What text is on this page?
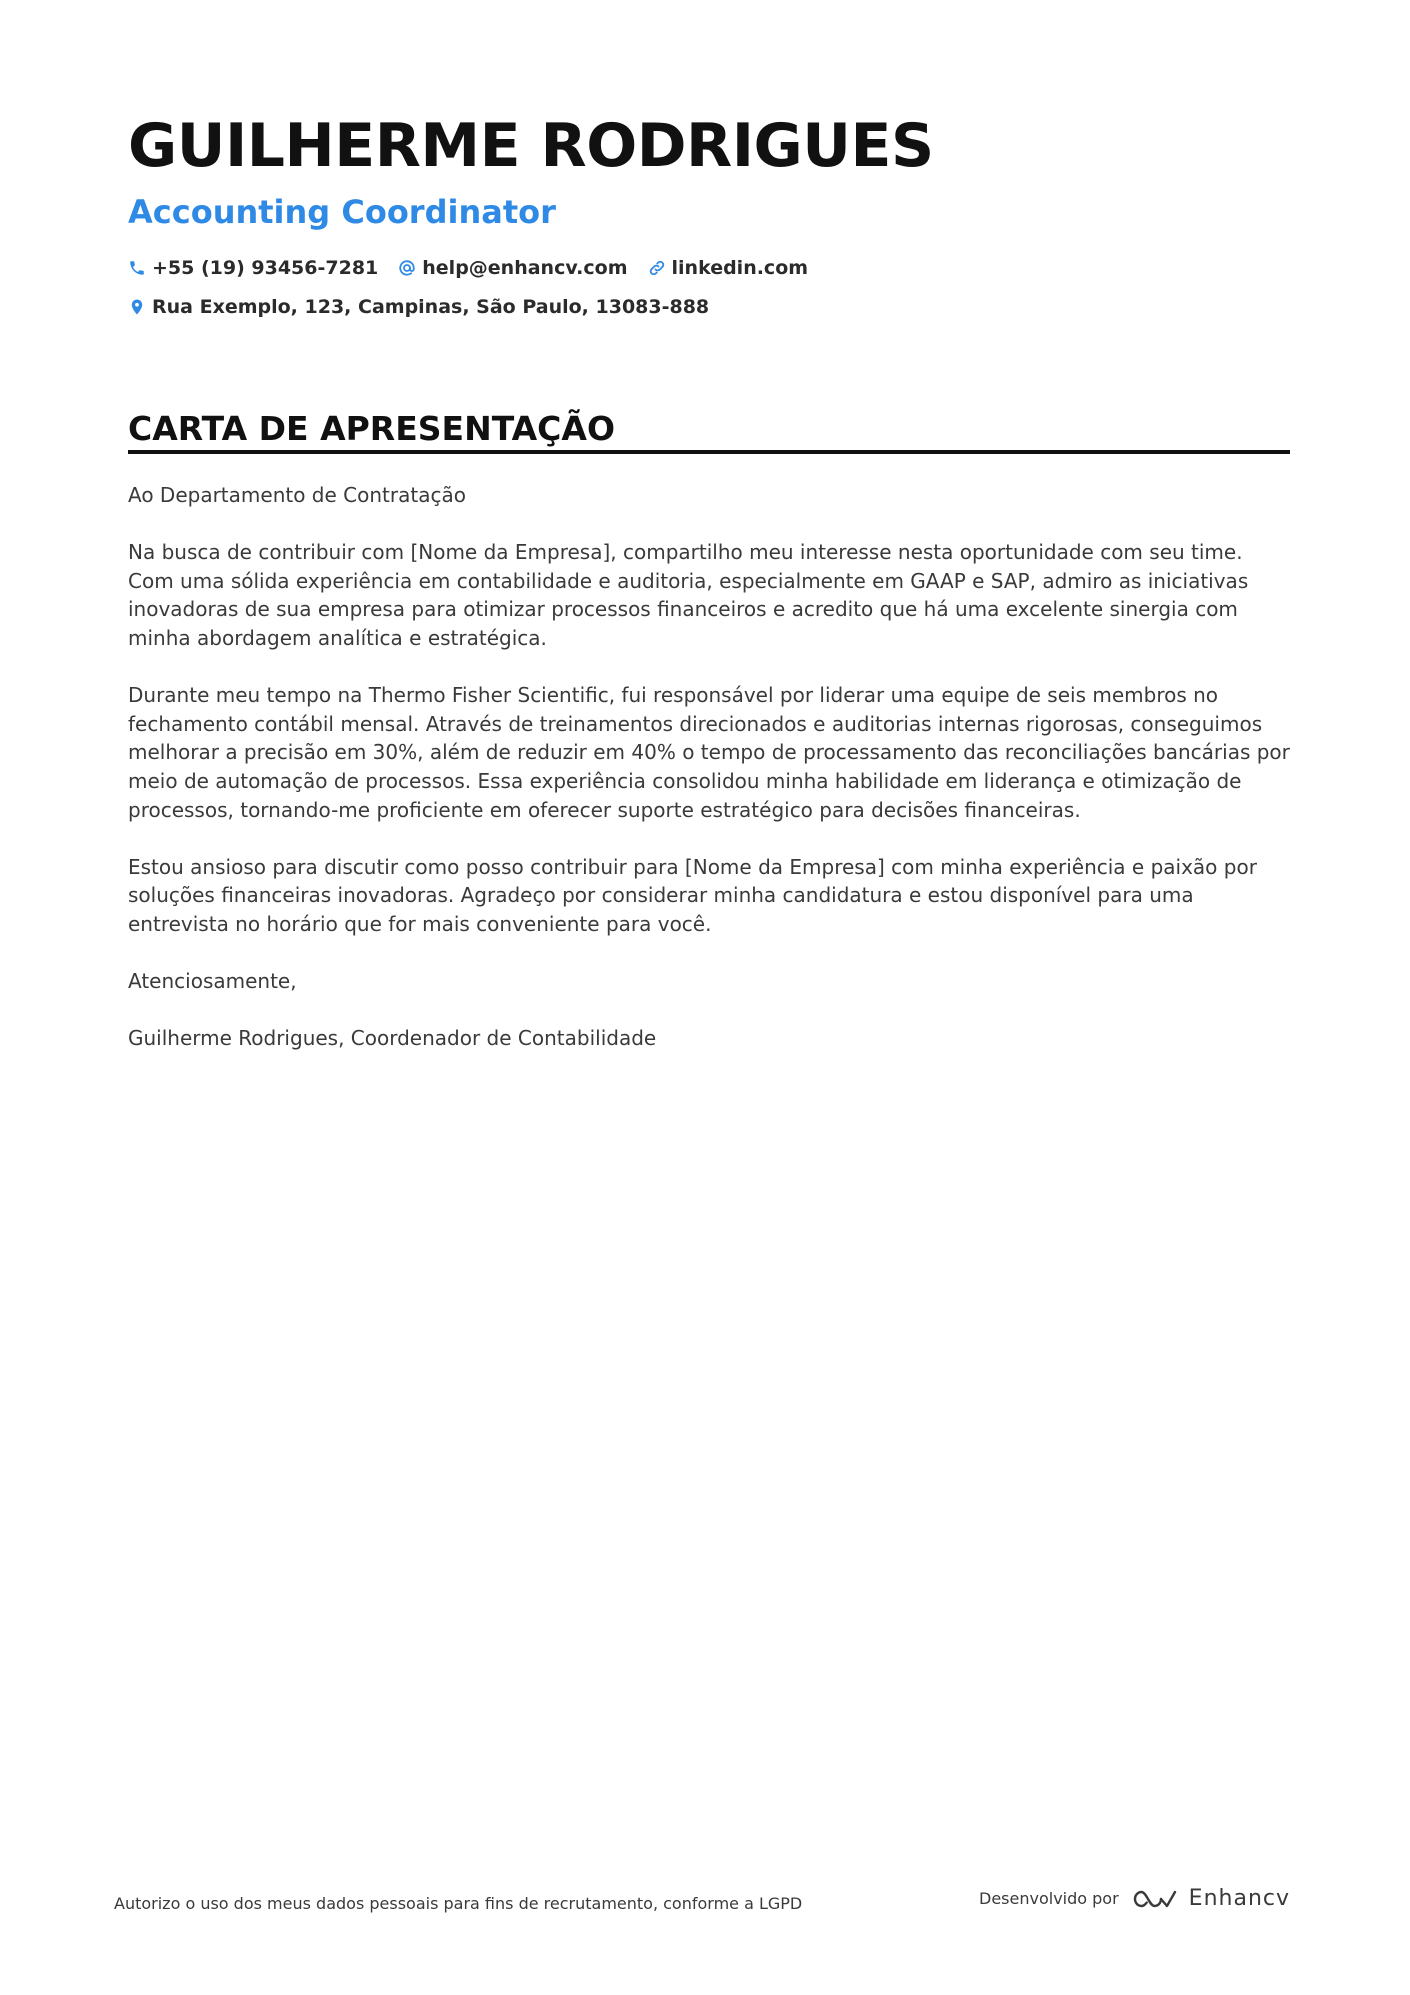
GUILHERME RODRIGUES
Accounting Coordinator
+55 (19) 93456-7281 help@enhancv.com linkedin.com
Rua Exemplo, 123, Campinas, São Paulo, 13083-888
CARTA DE APRESENTAÇÃO

Ao Departamento de Contratação

Na busca de contribuir com [Nome da Empresa], compartilho meu interesse nesta oportunidade com seu time. Com uma sólida experiência em contabilidade e auditoria, especialmente em GAAP e SAP, admiro as iniciativas inovadoras de sua empresa para otimizar processos financeiros e acredito que há uma excelente sinergia com minha abordagem analítica e estratégica.

Durante meu tempo na Thermo Fisher Scientific, fui responsável por liderar uma equipe de seis membros no fechamento contábil mensal. Através de treinamentos direcionados e auditorias internas rigorosas, conseguimos melhorar a precisão em 30%, além de reduzir em 40% o tempo de processamento das reconciliações bancárias por meio de automação de processos. Essa experiência consolidou minha habilidade em liderança e otimização de processos, tornando-me proficiente em oferecer suporte estratégico para decisões financeiras.

Estou ansioso para discutir como posso contribuir para [Nome da Empresa] com minha experiência e paixão por soluções financeiras inovadoras. Agradeço por considerar minha candidatura e estou disponível para uma entrevista no horário que for mais conveniente para você.

Atenciosamente,

Guilherme Rodrigues, Coordenador de Contabilidade

Autorizo o uso dos meus dados pessoais para fins de recrutamento, conforme a LGPD	Desenvolvido por	Enhancv
